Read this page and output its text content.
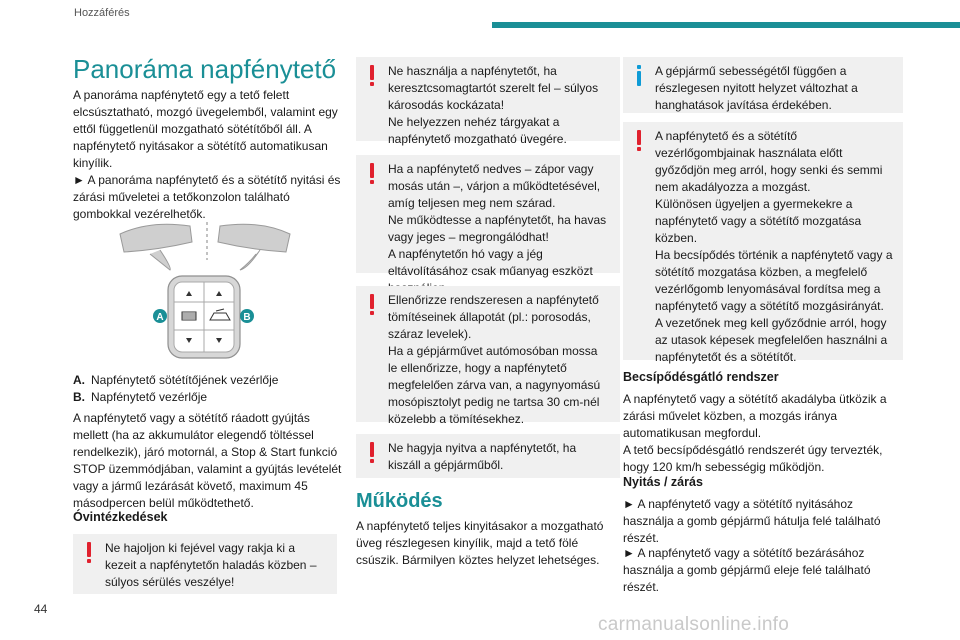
Hozzáférés
Panoráma napfénytető

A panoráma napfénytető egy a tető felett elcsúsztatható, mozgó üvegelemből, valamint egy ettől függetlenül mozgatható sötétítőből áll. A napfénytető nyitásakor a sötétítő automatikusan kinyílik.

► A panoráma napfénytető és a sötétítő nyitási és zárási műveletei a tetőkonzolon található gombokkal vezérelhetők.

A	B
A. Napfénytető sötétítőjének vezérlője
B. Napfénytető vezérlője

A napfénytető vagy a sötétítő ráadott gyújtás mellett (ha az akkumulátor elegendő töltéssel rendelkezik), járó motornál, a Stop & Start funkció STOP üzemmódjában, valamint a gyújtás levételét vagy a jármű lezárását követő, maximum 45 másodpercen belül működtethető.

Óvintézkedések
Ne hajoljon ki fejével vagy rakja ki a kezeit a napfénytetőn haladás közben – súlyos sérülés veszélye!
Ne használja a napfénytetőt, ha keresztcsomagtartót szerelt fel – súlyos károsodás kockázata!
Ne helyezzen nehéz tárgyakat a napfénytető mozgatható üvegére.
Ha a napfénytető nedves – zápor vagy mosás után –, várjon a működtetésével, amíg teljesen meg nem szárad.
Ne működtesse a napfénytetőt, ha havas vagy jeges – megrongálódhat!
A napfénytetőn hó vagy a jég eltávolításához csak műanyag eszközt
Ellenőrizze rendszeresen a napfénytető tömítéseinek állapotát (pl.: porosodás, száraz levelek).
Ha a gépjárművet autómosóban mossa le ellenőrizze, hogy a napfénytető megfelelően zárva van, a nagynyomású mosópisztolyt pedig ne tartsa 30 cm-nél közelebb a tömítésekhez.
Ne hagyja nyitva a napfénytetőt, ha kiszáll a gépjárműből.
Működés

A napfénytető teljes kinyitásakor a mozgatható üveg részlegesen kinyílik, majd a tető fölé csúszik. Bármilyen köztes helyzet lehetséges.

A gépjármű sebességétől függően a részlegesen nyitott helyzet változhat a hanghatások javítása érdekében.
A napfénytető és a sötétítő vezérlőgombjainak használata előtt győződjön meg arról, hogy senki és semmi nem akadályozza a mozgást.
Különösen ügyeljen a gyermekekre a napfénytető vagy a sötétítő mozgatása közben.
Ha becsípődés történik a napfénytető vagy a sötétítő mozgatása közben, a megfelelő vezérlőgomb lenyomásával fordítsa meg a napfénytető vagy a sötétítő mozgásirányát.
A vezetőnek meg kell győződnie arról, hogy az utasok képesek megfelelően használni a napfénytetőt és a sötétítőt.
Becsípődésgátló rendszer

A napfénytető vagy a sötétítő akadályba ütközik a zárási művelet közben, a mozgás iránya automatikusan megfordul.
A tető becsípődésgátló rendszerét úgy tervezték, hogy 120 km/h sebességig működjön.

Nyitás / zárás

► A napfénytető vagy a sötétítő nyitásához használja a gomb gépjármű hátulja felé található részét.

► A napfénytető vagy a sötétítő bezárásához használja a gomb gépjármű eleje felé található részét.

44
carmanualsonline.info
